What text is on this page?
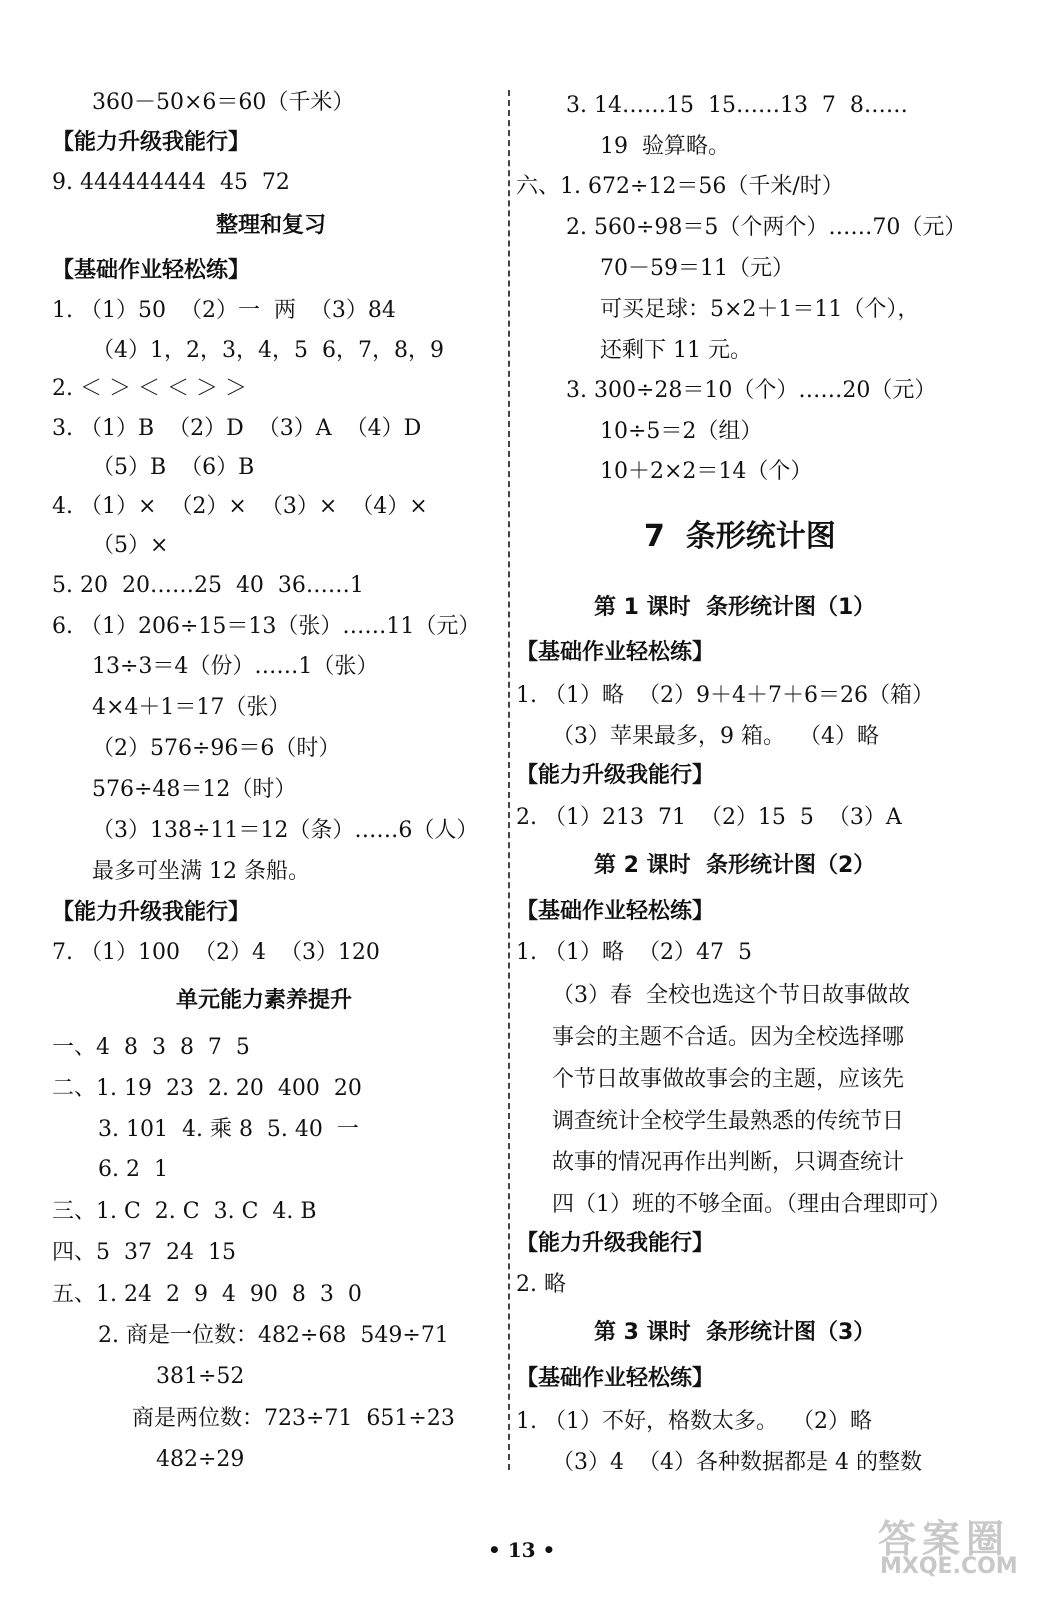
360－50×6＝60（千米）
【能力升级我能行】
9. 444444444  45  72
整理和复习
【基础作业轻松练】
1. （1）50  （2）一  两  （3）84
（4）1，2，3，4，5  6，7，8，9
2. ＜ ＞ ＜ ＜ ＞ ＞
3. （1）B  （2）D  （3）A  （4）D
（5）B  （6）B
4. （1）×  （2）×  （3）×  （4）×
（5）×
5. 20  20……25  40  36……1
6. （1）206÷15＝13（张）……11（元）
13÷3＝4（份）……1（张）
4×4＋1＝17（张）
（2）576÷96＝6（时）
576÷48＝12（时）
（3）138÷11＝12（条）……6（人）
最多可坐满 12 条船。
【能力升级我能行】
7. （1）100  （2）4  （3）120
单元能力素养提升
一、4  8  3  8  7  5
二、1. 19  23  2. 20  400  20
3. 101  4. 乘 8  5. 40  一
6. 2  1
三、1. C  2. C  3. C  4. B
四、5  37  24  15
五、1. 24  2  9  4  90  8  3  0
2. 商是一位数：482÷68  549÷71
381÷52
商是两位数：723÷71  651÷23
482÷29
3. 14……15  15……13  7  8……
19  验算略。
六、1. 672÷12＝56（千米/时）
2. 560÷98＝5（个两个）……70（元）
70－59＝11（元）
可买足球：5×2＋1＝11（个），
还剩下 11 元。
3. 300÷28＝10（个）……20（元）
10÷5＝2（组）
10＋2×2＝14（个）
7  条形统计图
第 1 课时  条形统计图（1）
【基础作业轻松练】
1. （1）略  （2）9＋4＋7＋6＝26（箱）
（3）苹果最多，9 箱。  （4）略
【能力升级我能行】
2. （1）213  71  （2）15  5  （3）A
第 2 课时  条形统计图（2）
【基础作业轻松练】
1. （1）略  （2）47  5
（3）春  全校也选这个节日故事做故
事会的主题不合适。因为全校选择哪
个节日故事做故事会的主题，应该先
调查统计全校学生最熟悉的传统节日
故事的情况再作出判断，只调查统计
四（1）班的不够全面。（理由合理即可）
【能力升级我能行】
2. 略
第 3 课时  条形统计图（3）
【基础作业轻松练】
1. （1）不好，格数太多。  （2）略
（3）4  （4）各种数据都是 4 的整数
• 13 •	答案圈
MXQE.COM
